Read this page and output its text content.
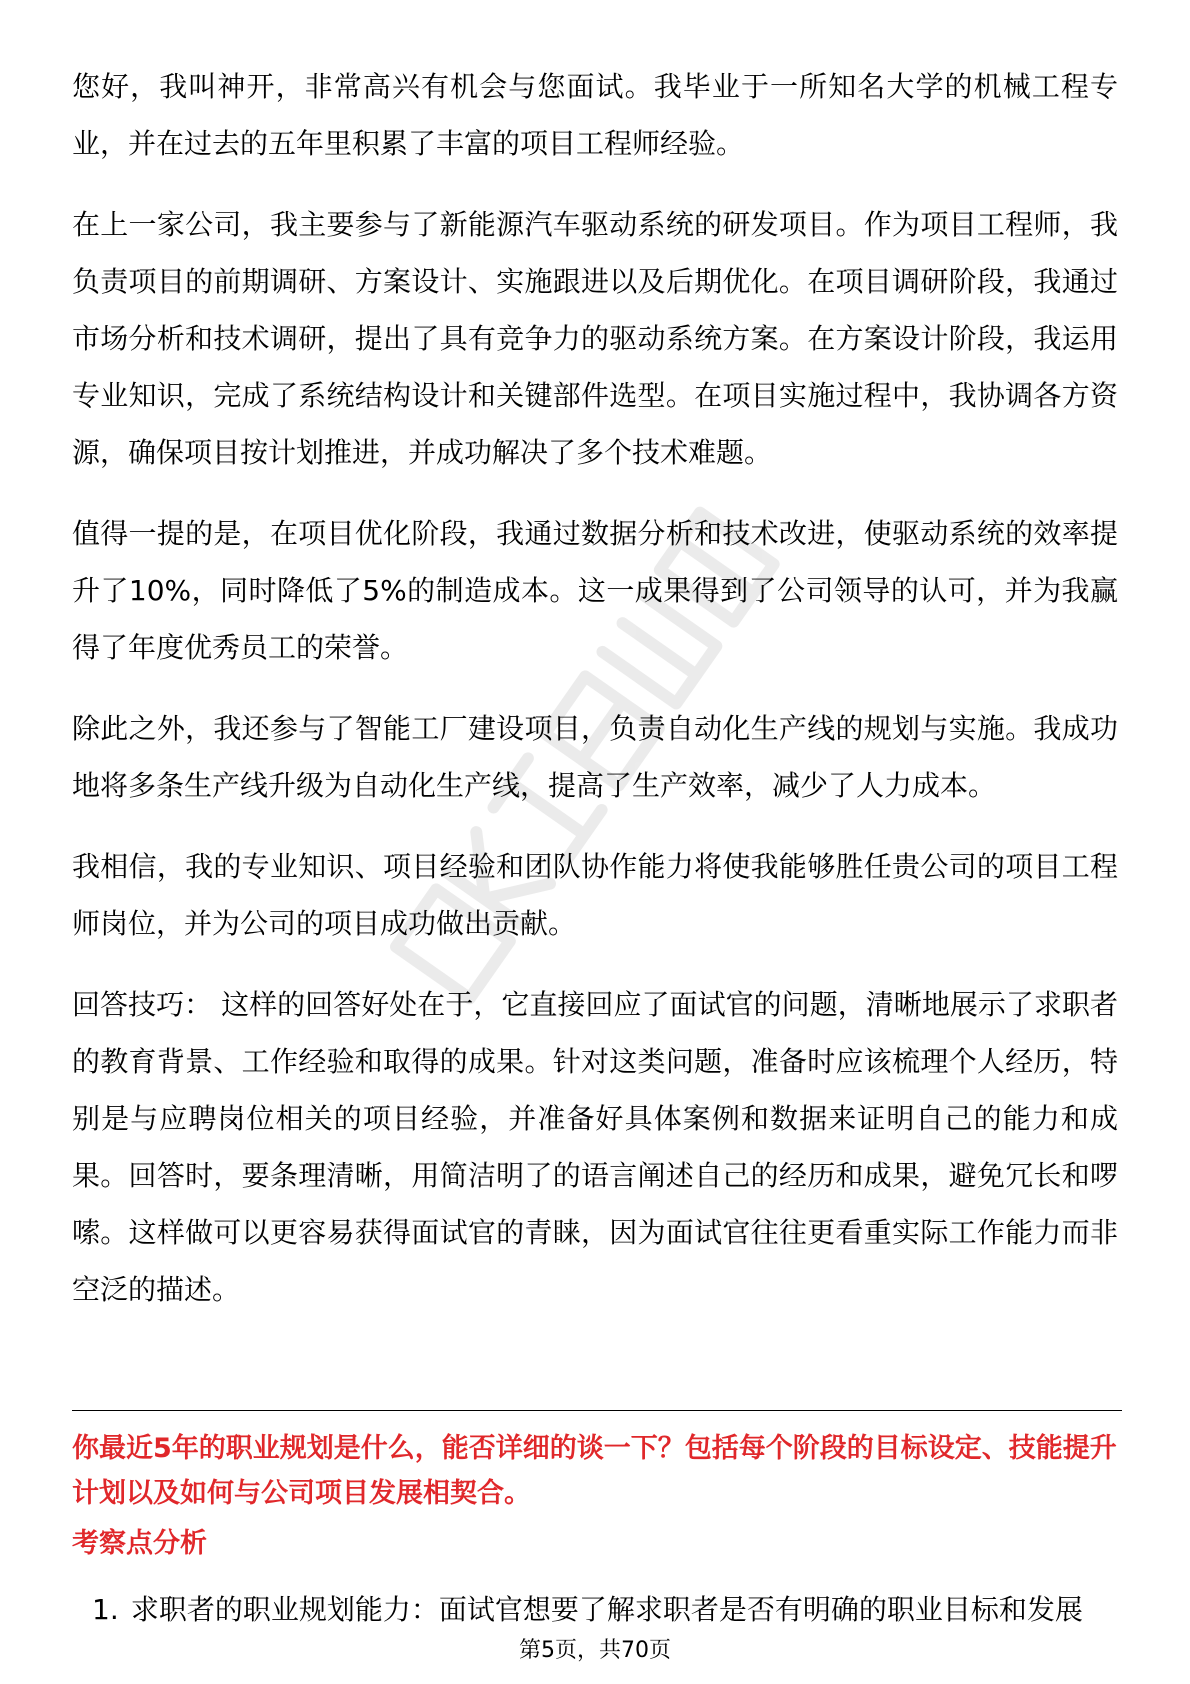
您好，我叫神开，非常高兴有机会与您面试。我毕业于一所知名大学的机械工程专业，并在过去的五年里积累了丰富的项目工程师经验。

在上一家公司，我主要参与了新能源汽车驱动系统的研发项目。作为项目工程师，我负责项目的前期调研、方案设计、实施跟进以及后期优化。在项目调研阶段，我通过市场分析和技术调研，提出了具有竞争力的驱动系统方案。在方案设计阶段，我运用专业知识，完成了系统结构设计和关键部件选型。在项目实施过程中，我协调各方资源，确保项目按计划推进，并成功解决了多个技术难题。

值得一提的是，在项目优化阶段，我通过数据分析和技术改进，使驱动系统的效率提升了10%，同时降低了5%的制造成本。这一成果得到了公司领导的认可，并为我赢得了年度优秀员工的荣誉。

除此之外，我还参与了智能工厂建设项目，负责自动化生产线的规划与实施。我成功地将多条生产线升级为自动化生产线，提高了生产效率，减少了人力成本。

我相信，我的专业知识、项目经验和团队协作能力将使我能够胜任贵公司的项目工程师岗位，并为公司的项目成功做出贡献。

回答技巧： 这样的回答好处在于，它直接回应了面试官的问题，清晰地展示了求职者的教育背景、工作经验和取得的成果。针对这类问题，准备时应该梳理个人经历，特别是与应聘岗位相关的项目经验，并准备好具体案例和数据来证明自己的能力和成果。回答时，要条理清晰，用简洁明了的语言阐述自己的经历和成果，避免冗长和啰嗦。这样做可以更容易获得面试官的青睐，因为面试官往往更看重实际工作能力而非空泛的描述。

你最近5年的职业规划是什么，能否详细的谈一下？包括每个阶段的目标设定、技能提升计划以及如何与公司项目发展相契合。

考察点分析

1. 求职者的职业规划能力：面试官想要了解求职者是否有明确的职业目标和发展

第5页，共70页
